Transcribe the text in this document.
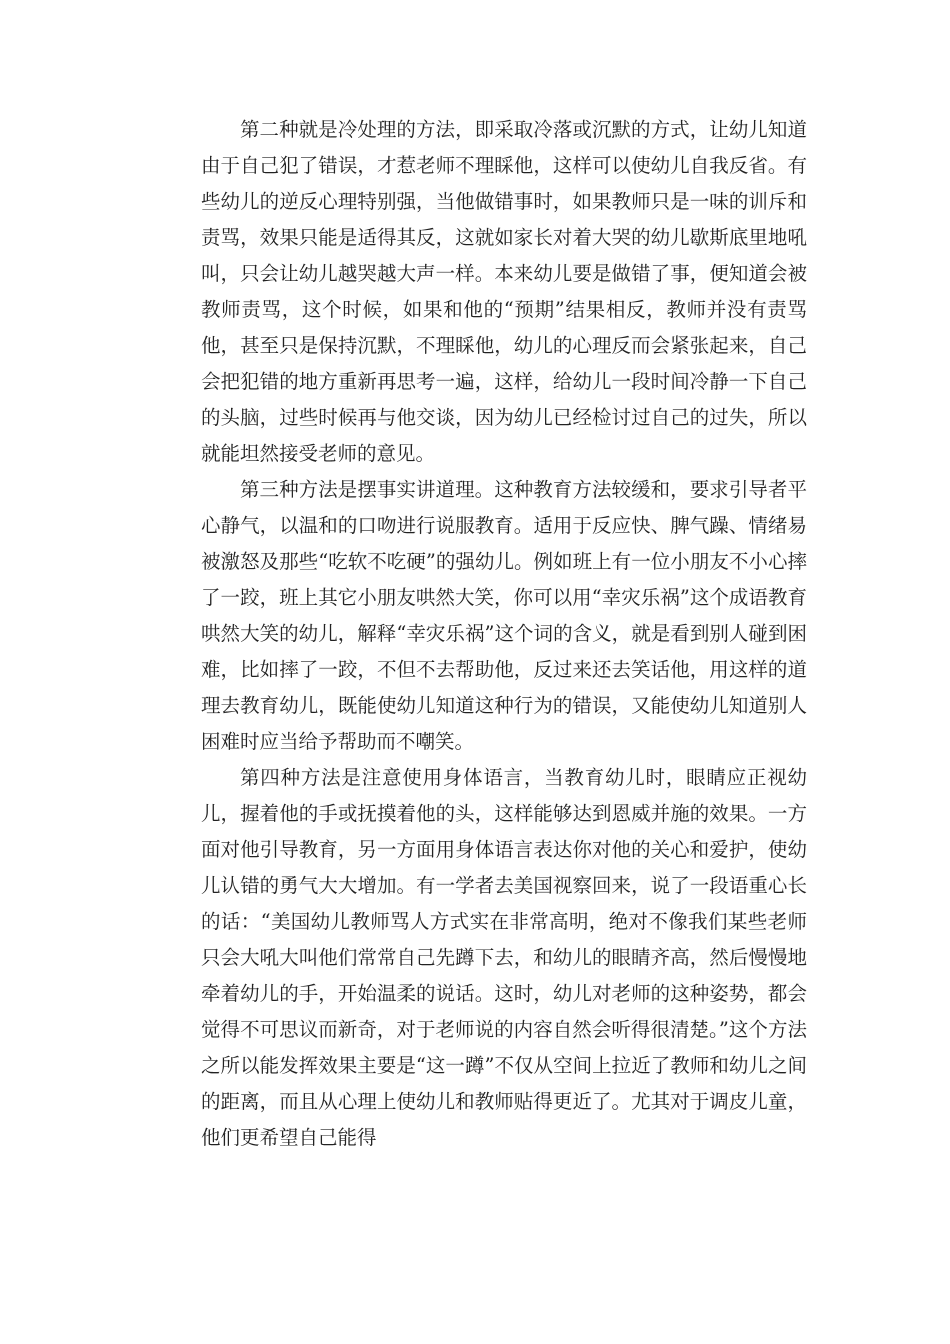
第二种就是冷处理的方法，即采取冷落或沉默的方式，让幼儿知道由于自己犯了错误，才惹老师不理睬他，这样可以使幼儿自我反省。有些幼儿的逆反心理特别强，当他做错事时，如果教师只是一味的训斥和责骂，效果只能是适得其反，这就如家长对着大哭的幼儿歇斯底里地吼叫，只会让幼儿越哭越大声一样。本来幼儿要是做错了事，便知道会被教师责骂，这个时候，如果和他的“预期”结果相反，教师并没有责骂他，甚至只是保持沉默，不理睬他，幼儿的心理反而会紧张起来，自己会把犯错的地方重新再思考一遍，这样，给幼儿一段时间冷静一下自己的头脑，过些时候再与他交谈，因为幼儿已经检讨过自己的过失，所以就能坦然接受老师的意见。

第三种方法是摆事实讲道理。这种教育方法较缓和，要求引导者平心静气，以温和的口吻进行说服教育。适用于反应快、脾气躁、情绪易被激怒及那些“吃软不吃硬”的强幼儿。例如班上有一位小朋友不小心摔了一跤，班上其它小朋友哄然大笑，你可以用“幸灾乐祸”这个成语教育哄然大笑的幼儿，解释“幸灾乐祸”这个词的含义，就是看到别人碰到困难，比如摔了一跤，不但不去帮助他，反过来还去笑话他，用这样的道理去教育幼儿，既能使幼儿知道这种行为的错误，又能使幼儿知道别人困难时应当给予帮助而不嘲笑。

第四种方法是注意使用身体语言，当教育幼儿时，眼睛应正视幼儿，握着他的手或抚摸着他的头，这样能够达到恩威并施的效果。一方面对他引导教育，另一方面用身体语言表达你对他的关心和爱护，使幼儿认错的勇气大大增加。有一学者去美国视察回来，说了一段语重心长的话：“美国幼儿教师骂人方式实在非常高明，绝对不像我们某些老师只会大吼大叫他们常常自己先蹲下去，和幼儿的眼睛齐高，然后慢慢地牵着幼儿的手，开始温柔的说话。这时，幼儿对老师的这种姿势，都会觉得不可思议而新奇，对于老师说的内容自然会听得很清楚。”这个方法之所以能发挥效果主要是“这一蹲”不仅从空间上拉近了教师和幼儿之间的距离，而且从心理上使幼儿和教师贴得更近了。尤其对于调皮儿童，他们更希望自己能得
